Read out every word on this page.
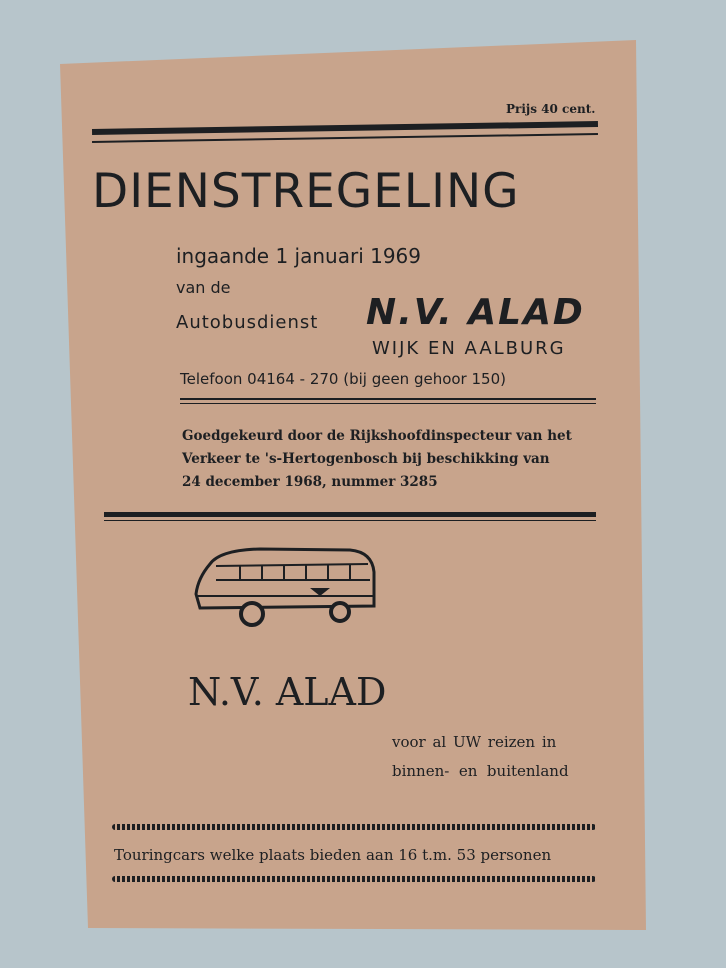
Prijs 40 cent.
DIENSTREGELING
ingaande 1 januari 1969
van de
Autobusdienst N.V. ALAD
WIJK EN AALBURG
Telefoon 04164 - 270 (bij geen gehoor 150)
Goedgekeurd door de Rijkshoofdinspecteur van het
Verkeer te 's-Hertogenbosch bij beschikking van
24 december 1968, nummer 3285
N.V. ALAD
voor al UW reizen in
binnen-  en  buitenland
Touringcars welke plaats bieden aan 16 t.m. 53 personen
